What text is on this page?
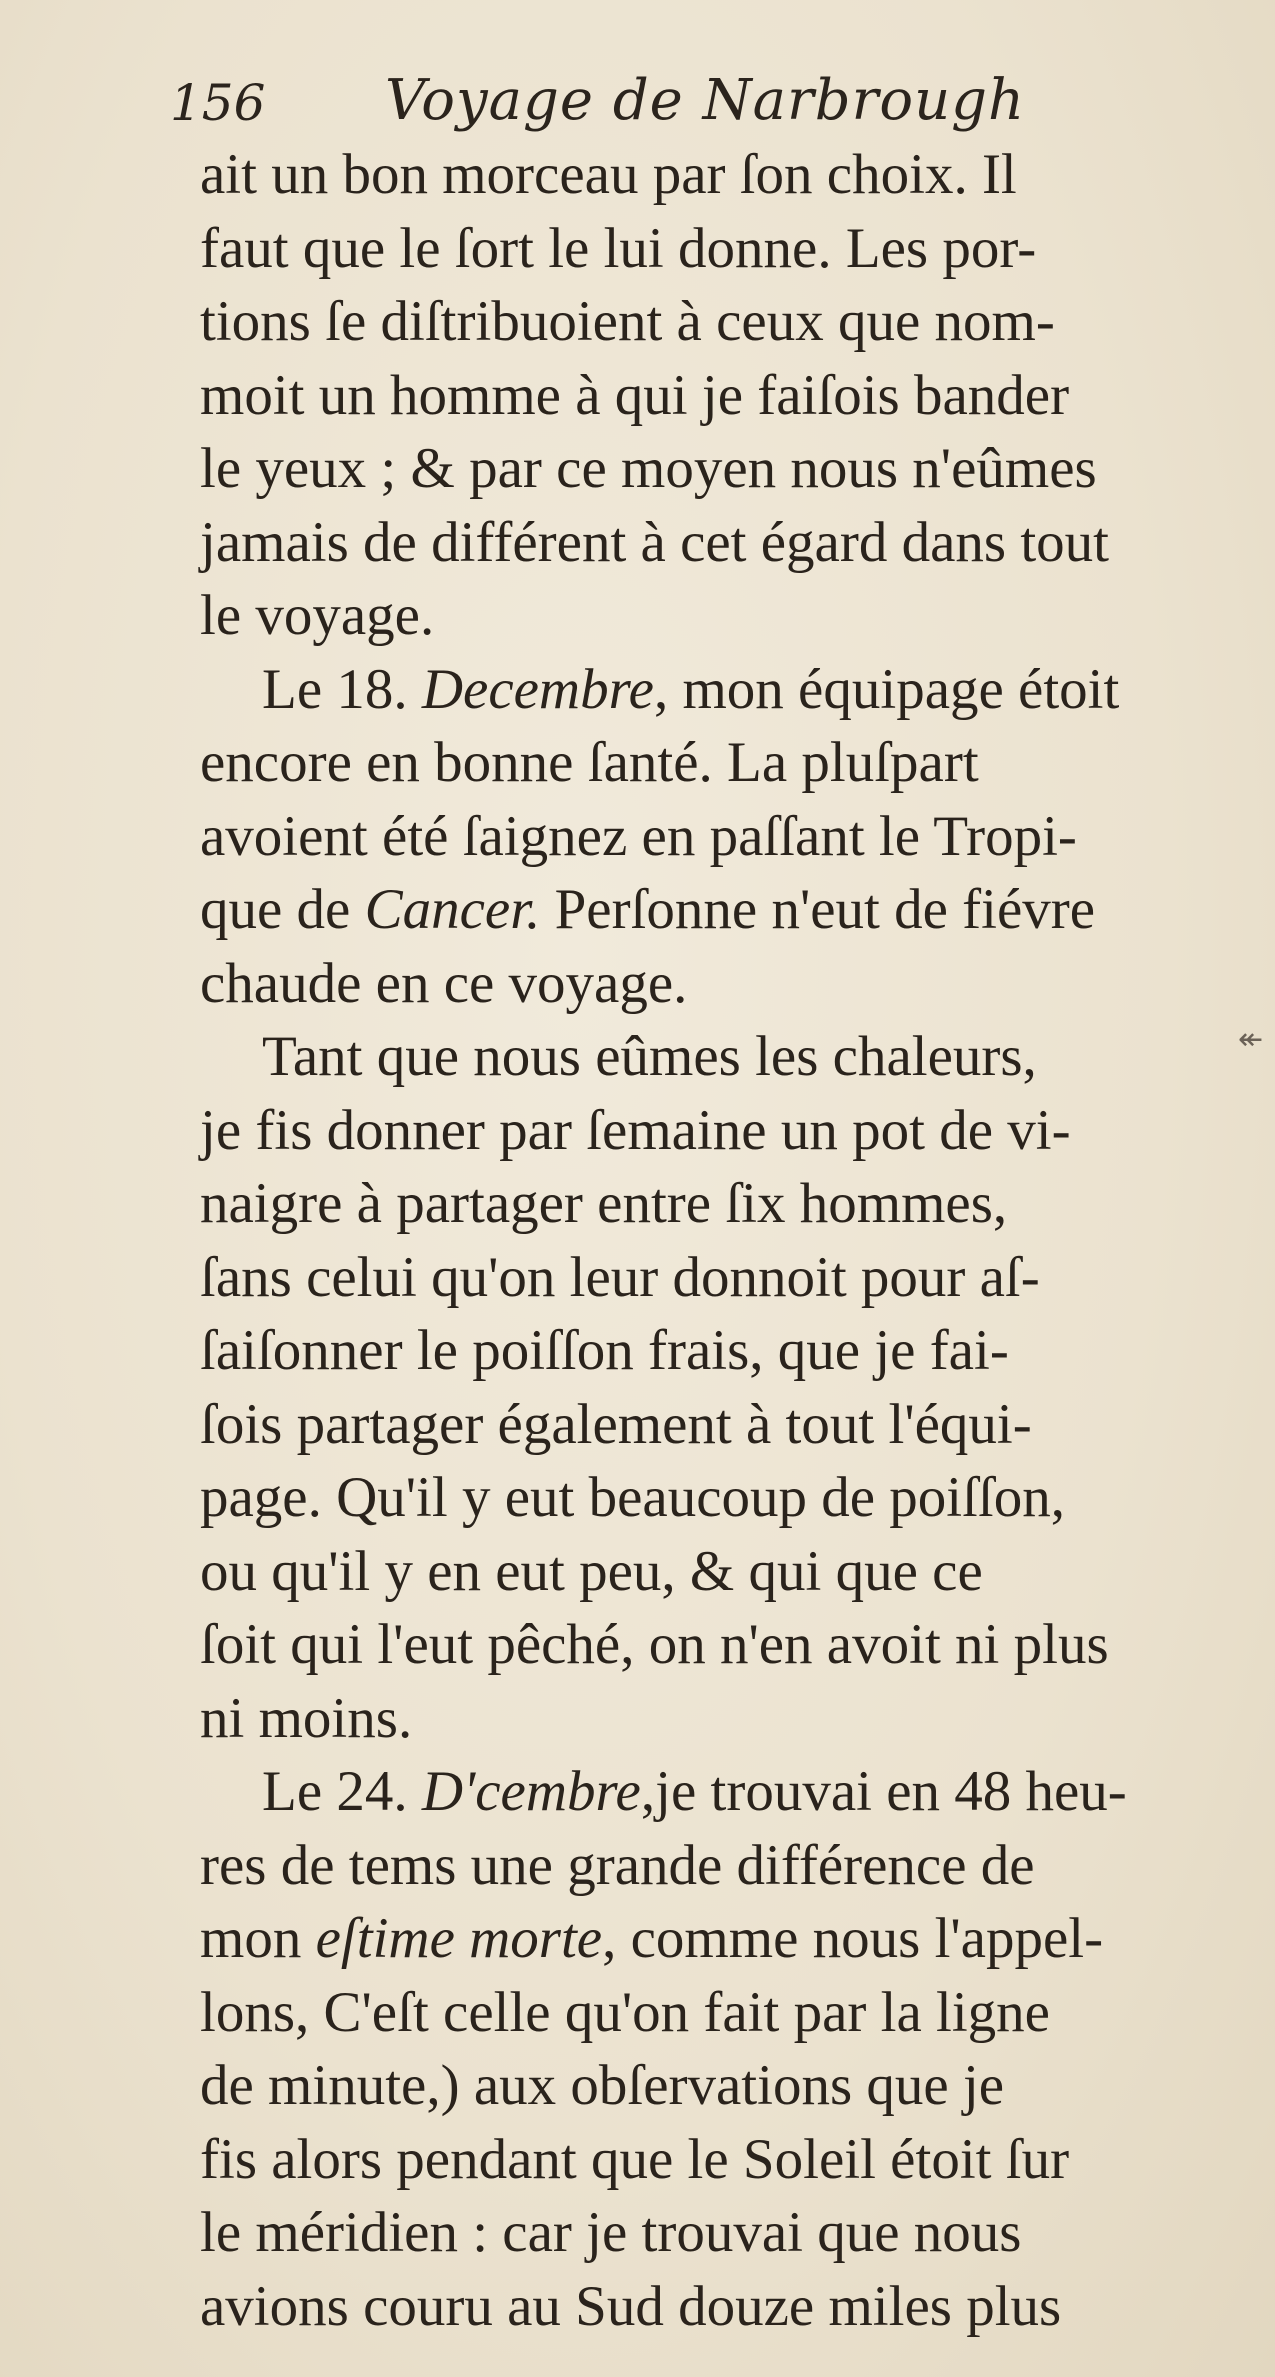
156 Voyage de Narbrough
ait un bon morceau par ſon choix. Il
faut que le ſort le lui donne. Les por-
tions ſe diſtribuoient à ceux que nom-
moit un homme à qui je faiſois bander
le yeux ; & par ce moyen nous n'eûmes
jamais de différent à cet égard dans tout
le voyage.
Le 18. Decembre, mon équipage étoit
encore en bonne ſanté. La pluſpart
avoient été ſaignez en paſſant le Tropi-
que de Cancer. Perſonne n'eut de fiévre
chaude en ce voyage.
Tant que nous eûmes les chaleurs,
je fis donner par ſemaine un pot de vi-
naigre à partager entre ſix hommes,
ſans celui qu'on leur donnoit pour aſ-
ſaiſonner le poiſſon frais, que je fai-
ſois partager également à tout l'équi-
page. Qu'il y eut beaucoup de poiſſon,
ou qu'il y en eut peu, & qui que ce
ſoit qui l'eut pêché, on n'en avoit ni plus
ni moins.
Le 24. D'cembre,je trouvai en 48 heu-
res de tems une grande différence de
mon eſtime morte, comme nous l'appel-
lons, C'eſt celle qu'on fait par la ligne
de minute,) aux obſervations que je
fis alors pendant que le Soleil étoit ſur
le méridien : car je trouvai que nous
avions couru au Sud douze miles plus
↞
